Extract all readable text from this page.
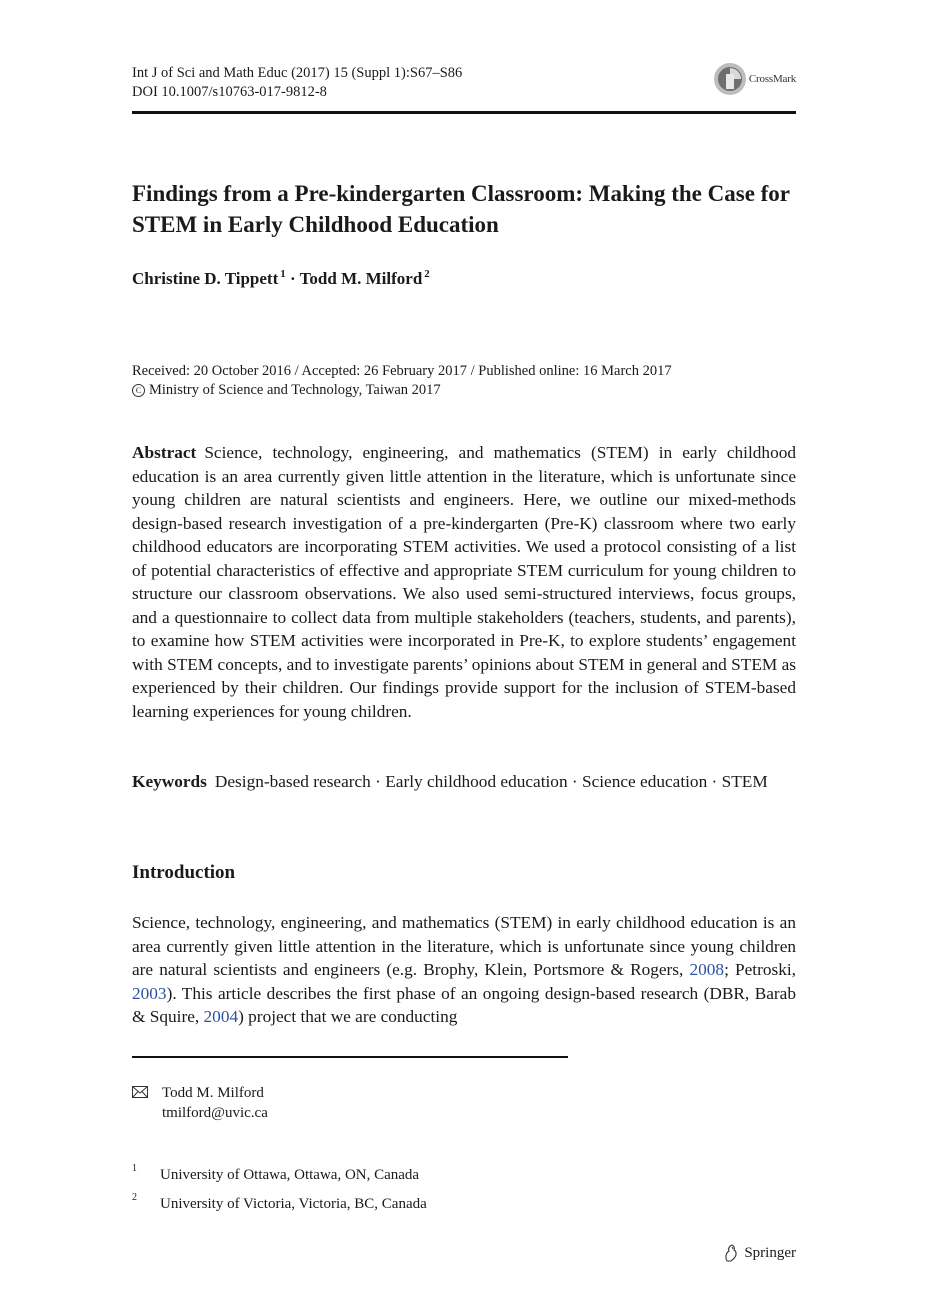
Int J of Sci and Math Educ (2017) 15 (Suppl 1):S67–S86
DOI 10.1007/s10763-017-9812-8
CrossMark
Findings from a Pre-kindergarten Classroom: Making the Case for STEM in Early Childhood Education
Christine D. Tippett $^1$ · Todd M. Milford $^2$
Received: 20 October 2016 / Accepted: 26 February 2017 / Published online: 16 March 2017
C Ministry of Science and Technology, Taiwan 2017

Abstract Science, technology, engineering, and mathematics (STEM) in early childhood education is an area currently given little attention in the literature, which is unfortunate since young children are natural scientists and engineers. Here, we outline our mixed-methods design-based research investigation of a pre-kindergarten (Pre-K) classroom where two early childhood educators are incorporating STEM activities. We used a protocol consisting of a list of potential characteristics of effective and appropriate STEM curriculum for young children to structure our classroom observations. We also used semi-structured interviews, focus groups, and a questionnaire to collect data from multiple stakeholders (teachers, students, and parents), to examine how STEM activities were incorporated in Pre-K, to explore students’ engagement with STEM concepts, and to investigate parents’ opinions about STEM in general and STEM as experienced by their children. Our findings provide support for the inclusion of STEM-based learning experiences for young children.

Keywords Design-based research · Early childhood education · Science education · STEM

Introduction

Science, technology, engineering, and mathematics (STEM) in early childhood education is an area currently given little attention in the literature, which is unfortunate since young children are natural scientists and engineers (e.g. Brophy, Klein, Portsmore & Rogers, 2008; Petroski, 2003). This article describes the first phase of an ongoing design-based research (DBR, Barab & Squire, 2004) project that we are conducting

Todd M. Milford
tmilford@uvic.ca
1 University of Ottawa, Ottawa, ON, Canada
2 University of Victoria, Victoria, BC, Canada
Springer
